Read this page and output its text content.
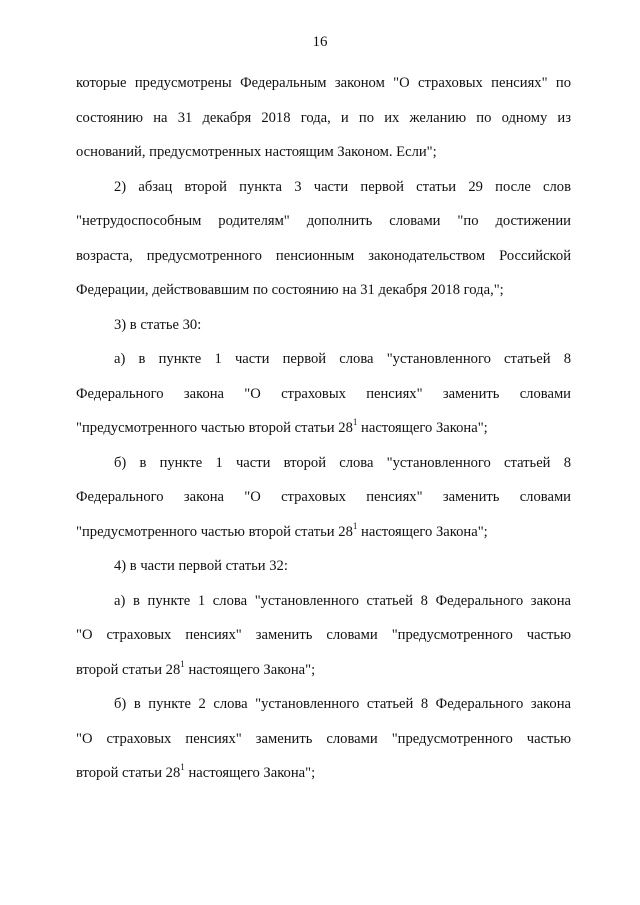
16
которые предусмотрены Федеральным законом "О страховых пенсиях" по
состоянию на 31 декабря 2018 года, и по их желанию по одному из
оснований, предусмотренных настоящим Законом. Если";
2) абзац второй пункта 3 части первой статьи 29 после слов
"нетрудоспособным родителям" дополнить словами "по достижении
возраста, предусмотренного пенсионным законодательством Российской
Федерации, действовавшим по состоянию на 31 декабря 2018 года,";
3) в статье 30:
а) в пункте 1 части первой слова "установленного статьей 8
Федерального закона "О страховых пенсиях" заменить словами
"предусмотренного частью второй статьи $28^1$ настоящего Закона";
б) в пункте 1 части второй слова "установленного статьей 8
Федерального закона "О страховых пенсиях" заменить словами
"предусмотренного частью второй статьи $28^1$ настоящего Закона";
4) в части первой статьи 32:
а) в пункте 1 слова "установленного статьей 8 Федерального закона
"О страховых пенсиях" заменить словами "предусмотренного частью
второй статьи $28^1$ настоящего Закона";
б) в пункте 2 слова "установленного статьей 8 Федерального закона
"О страховых пенсиях" заменить словами "предусмотренного частью
второй статьи $28^1$ настоящего Закона";
